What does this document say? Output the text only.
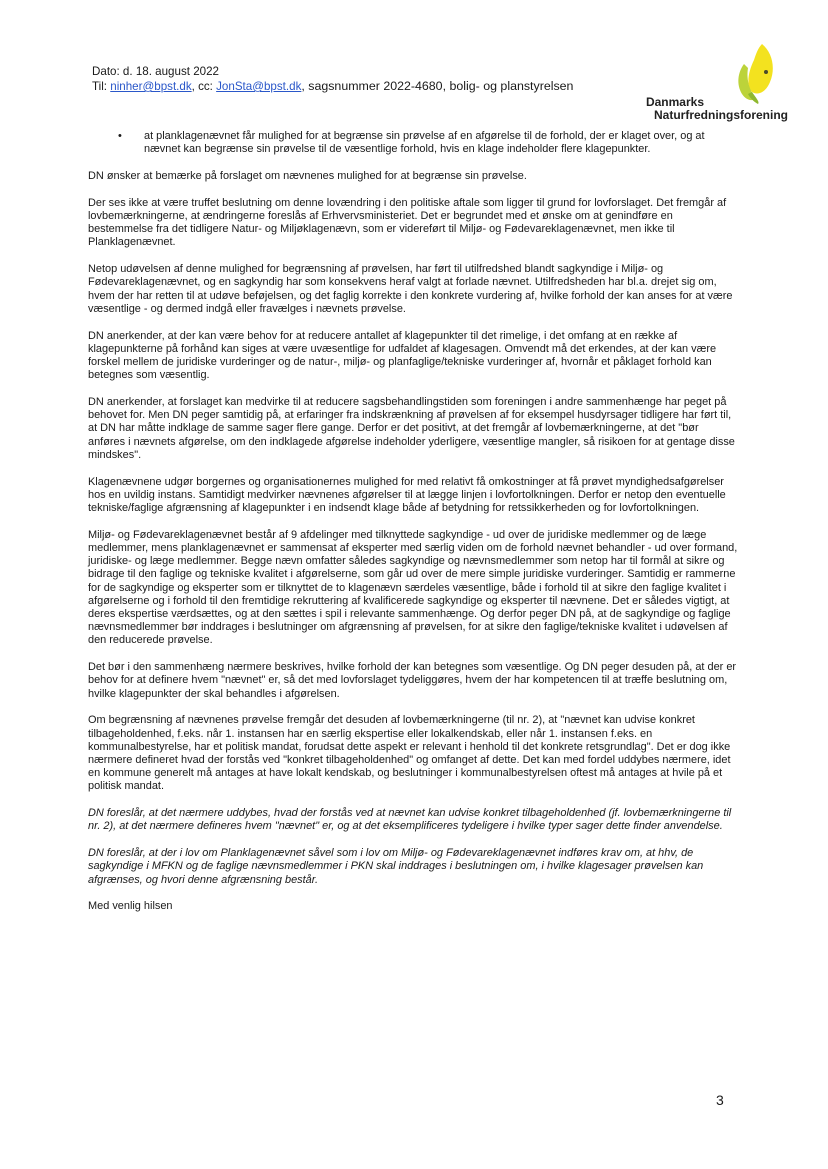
Dato: d. 18. august 2022
Til: ninher@bpst.dk, cc: JonSta@bpst.dk, sagsnummer 2022-4680, bolig- og planstyrelsen
Danmarks
Naturfredningsforening
•	at planklagenævnet får mulighed for at begrænse sin prøvelse af en afgørelse til de forhold, der er klaget over, og at nævnet kan begrænse sin prøvelse til de væsentlige forhold, hvis en klage indeholder flere klagepunkter.

DN ønsker at bemærke på forslaget om nævnenes mulighed for at begrænse sin prøvelse.

Der ses ikke at være truffet beslutning om denne lovændring i den politiske aftale som ligger til grund for lovforslaget. Det fremgår af lovbemærkningerne, at ændringerne foreslås af Erhvervsministeriet. Det er begrundet med et ønske om at genindføre en bestemmelse fra det tidligere Natur- og Miljøklagenævn, som er videreført til Miljø- og Fødevareklagenævnet, men ikke til Planklagenævnet.

Netop udøvelsen af denne mulighed for begrænsning af prøvelsen, har ført til utilfredshed blandt sagkyndige i Miljø- og Fødevareklagenævnet, og en sagkyndig har som konsekvens heraf valgt at forlade nævnet. Utilfredsheden har bl.a. drejet sig om, hvem der har retten til at udøve beføjelsen, og det faglig korrekte i den konkrete vurdering af, hvilke forhold der kan anses for at være væsentlige - og dermed indgå eller fravælges i nævnets prøvelse.

DN anerkender, at der kan være behov for at reducere antallet af klagepunkter til det rimelige, i det omfang at en række af klagepunkterne på forhånd kan siges at være uvæsentlige for udfaldet af klagesagen. Omvendt må det erkendes, at der kan være forskel mellem de juridiske vurderinger og de natur-, miljø- og planfaglige/tekniske vurderinger af, hvornår et påklaget forhold kan betegnes som væsentlig.

DN anerkender, at forslaget kan medvirke til at reducere sagsbehandlingstiden som foreningen i andre sammenhænge har peget på behovet for. Men DN peger samtidig på, at erfaringer fra indskrænkning af prøvelsen af for eksempel husdyrsager tidligere har ført til, at DN har måtte indklage de samme sager flere gange. Derfor er det positivt, at det fremgår af lovbemærkningerne, at det "bør anføres i nævnets afgørelse, om den indklagede afgørelse indeholder yderligere, væsentlige mangler, så risikoen for at gentage disse mindskes".

Klagenævnene udgør borgernes og organisationernes mulighed for med relativt få omkostninger at få prøvet myndighedsafgørelser hos en uvildig instans. Samtidigt medvirker nævnenes afgørelser til at lægge linjen i lovfortolkningen. Derfor er netop den eventuelle tekniske/faglige afgrænsning af klagepunkter i en indsendt klage både af betydning for retssikkerheden og for lovfortolkningen.

Miljø- og Fødevareklagenævnet består af 9 afdelinger med tilknyttede sagkyndige - ud over de juridiske medlemmer og de læge medlemmer, mens planklagenævnet er sammensat af eksperter med særlig viden om de forhold nævnet behandler - ud over formand, juridiske- og læge medlemmer. Begge nævn omfatter således sagkyndige og nævnsmedlemmer som netop har til formål at sikre og bidrage til den faglige og tekniske kvalitet i afgørelserne, som går ud over de mere simple juridiske vurderinger. Samtidig er rammerne for de sagkyndige og eksperter som er tilknyttet de to klagenævn særdeles væsentlige, både i forhold til at sikre den faglige kvalitet i afgørelserne og i forhold til den fremtidige rekruttering af kvalificerede sagkyndige og eksperter til nævnene. Det er således vigtigt, at deres ekspertise værdsættes, og at den sættes i spil i relevante sammenhænge. Og derfor peger DN på, at de sagkyndige og faglige nævnsmedlemmer bør inddrages i beslutninger om afgrænsning af prøvelsen, for at sikre den faglige/tekniske kvalitet i udøvelsen af den reducerede prøvelse.

Det bør i den sammenhæng nærmere beskrives, hvilke forhold der kan betegnes som væsentlige. Og DN peger desuden på, at der er behov for at definere hvem "nævnet" er, så det med lovforslaget tydeliggøres, hvem der har kompetencen til at træffe beslutning om, hvilke klagepunkter der skal behandles i afgørelsen.

Om begrænsning af nævnenes prøvelse fremgår det desuden af lovbemærkningerne (til nr. 2), at "nævnet kan udvise konkret tilbageholdenhed, f.eks. når 1. instansen har en særlig ekspertise eller lokalkendskab, eller når 1. instansen f.eks. en kommunalbestyrelse, har et politisk mandat, forudsat dette aspekt er relevant i henhold til det konkrete retsgrundlag". Det er dog ikke nærmere defineret hvad der forstås ved "konkret tilbageholdenhed" og omfanget af dette. Det kan med fordel uddybes nærmere, idet en kommune generelt må antages at have lokalt kendskab, og beslutninger i kommunalbestyrelsen oftest må antages at hvile på et politisk mandat.

DN foreslår, at det nærmere uddybes, hvad der forstås ved at nævnet kan udvise konkret tilbageholdenhed (jf. lovbemærkningerne til nr. 2), at det nærmere defineres hvem "nævnet" er, og at det eksemplificeres tydeligere i hvilke typer sager dette finder anvendelse.

DN foreslår, at der i lov om Planklagenævnet såvel som i lov om Miljø- og Fødevareklagenævnet indføres krav om, at hhv, de sagkyndige i MFKN og de faglige nævnsmedlemmer i PKN skal inddrages i beslutningen om, i hvilke klagesager prøvelsen kan afgrænses, og hvori denne afgrænsning består.

Med venlig hilsen

3
